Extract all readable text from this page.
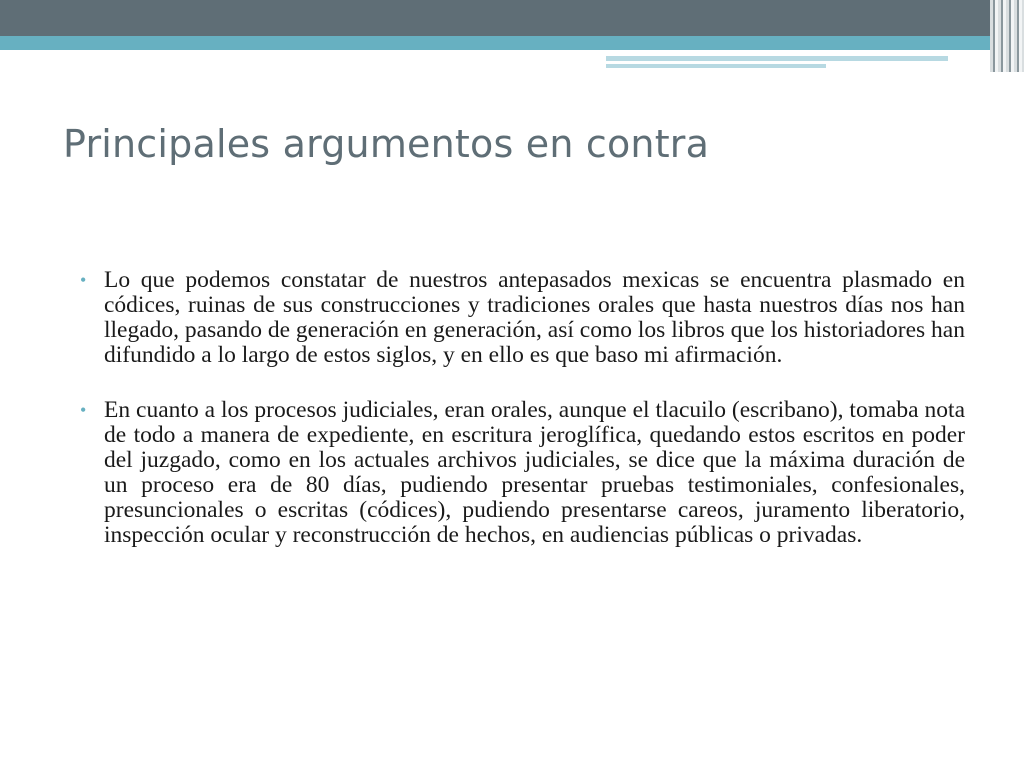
Principales argumentos en contra
• Lo que podemos constatar de nuestros antepasados mexicas se encuentra plasmado en códices, ruinas de sus construcciones y tradiciones orales que hasta nuestros días nos han llegado, pasando de generación en generación, así como los libros que los historiadores han difundido a lo largo de estos siglos, y en ello es que baso mi afirmación.
• En cuanto a los procesos judiciales, eran orales, aunque el tlacuilo (escribano), tomaba nota de todo a manera de expediente, en escritura jeroglífica, quedando estos escritos en poder del juzgado, como en los actuales archivos judiciales, se dice que la máxima duración de un proceso era de 80 días, pudiendo presentar pruebas testimoniales, confesionales, presuncionales o escritas (códices), pudiendo presentarse careos, juramento liberatorio, inspección ocular y reconstrucción de hechos, en audiencias públicas o privadas.
